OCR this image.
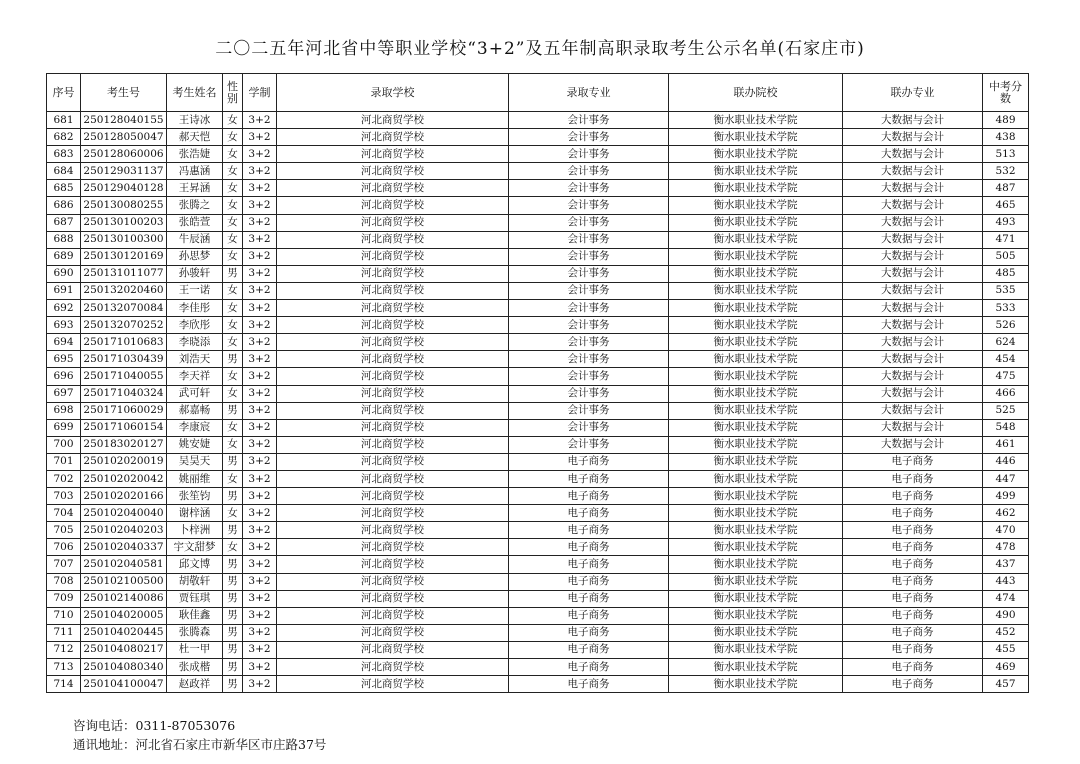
二〇二五年河北省中等职业学校“3+2”及五年制高职录取考生公示名单(石家庄市)
序号	考生号	考生姓名	性别	学制	录取学校	录取专业	联办院校	联办专业	中考分数
681	250128040155	王诗冰	女	3+2	河北商贸学校	会计事务	衡水职业技术学院	大数据与会计	489
682	250128050047	郝天恺	女	3+2	河北商贸学校	会计事务	衡水职业技术学院	大数据与会计	438
683	250128060006	张浩婕	女	3+2	河北商贸学校	会计事务	衡水职业技术学院	大数据与会计	513
684	250129031137	冯惠涵	女	3+2	河北商贸学校	会计事务	衡水职业技术学院	大数据与会计	532
685	250129040128	王昇涵	女	3+2	河北商贸学校	会计事务	衡水职业技术学院	大数据与会计	487
686	250130080255	张腾之	女	3+2	河北商贸学校	会计事务	衡水职业技术学院	大数据与会计	465
687	250130100203	张皓萱	女	3+2	河北商贸学校	会计事务	衡水职业技术学院	大数据与会计	493
688	250130100300	牛辰涵	女	3+2	河北商贸学校	会计事务	衡水职业技术学院	大数据与会计	471
689	250130120169	孙思梦	女	3+2	河北商贸学校	会计事务	衡水职业技术学院	大数据与会计	505
690	250131011077	孙骏轩	男	3+2	河北商贸学校	会计事务	衡水职业技术学院	大数据与会计	485
691	250132020460	王一诺	女	3+2	河北商贸学校	会计事务	衡水职业技术学院	大数据与会计	535
692	250132070084	李佳彤	女	3+2	河北商贸学校	会计事务	衡水职业技术学院	大数据与会计	533
693	250132070252	李欣彤	女	3+2	河北商贸学校	会计事务	衡水职业技术学院	大数据与会计	526
694	250171010683	李晓添	女	3+2	河北商贸学校	会计事务	衡水职业技术学院	大数据与会计	624
695	250171030439	刘浩天	男	3+2	河北商贸学校	会计事务	衡水职业技术学院	大数据与会计	454
696	250171040055	李天祥	女	3+2	河北商贸学校	会计事务	衡水职业技术学院	大数据与会计	475
697	250171040324	武可轩	女	3+2	河北商贸学校	会计事务	衡水职业技术学院	大数据与会计	466
698	250171060029	郝嘉畅	男	3+2	河北商贸学校	会计事务	衡水职业技术学院	大数据与会计	525
699	250171060154	李康宸	女	3+2	河北商贸学校	会计事务	衡水职业技术学院	大数据与会计	548
700	250183020127	姚安婕	女	3+2	河北商贸学校	会计事务	衡水职业技术学院	大数据与会计	461
701	250102020019	吴昊天	男	3+2	河北商贸学校	电子商务	衡水职业技术学院	电子商务	446
702	250102020042	姚丽维	女	3+2	河北商贸学校	电子商务	衡水职业技术学院	电子商务	447
703	250102020166	张笙钧	男	3+2	河北商贸学校	电子商务	衡水职业技术学院	电子商务	499
704	250102040040	谢梓涵	女	3+2	河北商贸学校	电子商务	衡水职业技术学院	电子商务	462
705	250102040203	卜梓洲	男	3+2	河北商贸学校	电子商务	衡水职业技术学院	电子商务	470
706	250102040337	宇文甜梦	女	3+2	河北商贸学校	电子商务	衡水职业技术学院	电子商务	478
707	250102040581	邱文博	男	3+2	河北商贸学校	电子商务	衡水职业技术学院	电子商务	437
708	250102100500	胡敬轩	男	3+2	河北商贸学校	电子商务	衡水职业技术学院	电子商务	443
709	250102140086	贾钰琪	男	3+2	河北商贸学校	电子商务	衡水职业技术学院	电子商务	474
710	250104020005	耿佳鑫	男	3+2	河北商贸学校	电子商务	衡水职业技术学院	电子商务	490
711	250104020445	张腾森	男	3+2	河北商贸学校	电子商务	衡水职业技术学院	电子商务	452
712	250104080217	杜一甲	男	3+2	河北商贸学校	电子商务	衡水职业技术学院	电子商务	455
713	250104080340	张成楷	男	3+2	河北商贸学校	电子商务	衡水职业技术学院	电子商务	469
714	250104100047	赵政祥	男	3+2	河北商贸学校	电子商务	衡水职业技术学院	电子商务	457
咨询电话：0311-87053076
通讯地址：河北省石家庄市新华区市庄路37号
